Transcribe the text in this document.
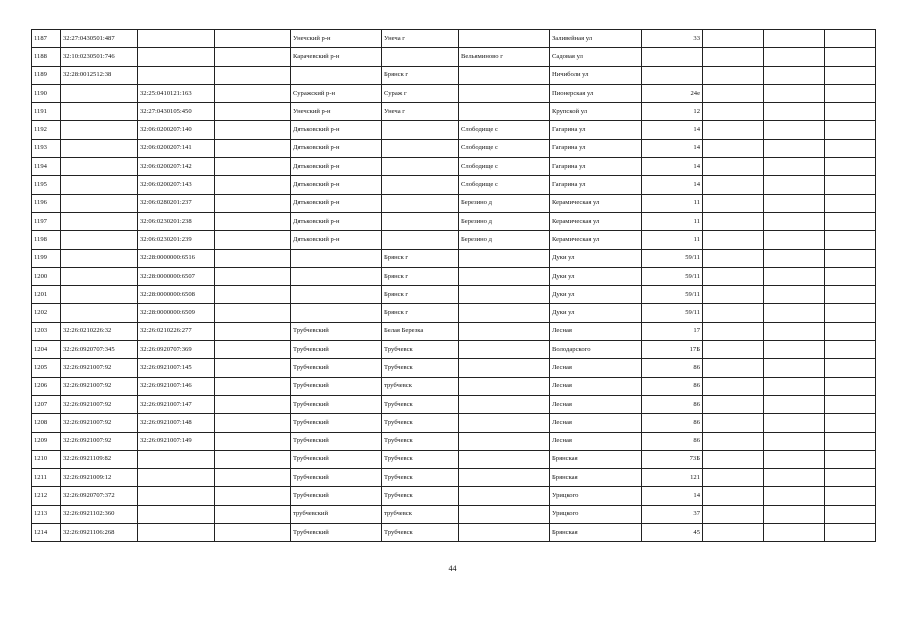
1187	32:27:0430501:487			Унечский р-н	Унеча г		Заливейная ул	33			
1188	32:10:0230501:746			Карачевский р-н		Вельяминово г	Садовая ул				
1189	32:28:0012512:38				Брянск г		Ничиболи ул				
1190		32:25:0410121:163		Суражский р-н	Сураж г		Пионерская ул	24е			
1191		32:27:0430105:450		Унечский р-н	Унеча г		Крупской ул	12			
1192		32:06:0200207:140		Дятьковский р-н		Слободище с	Гагарина ул	14			
1193		32:06:0200207:141		Дятьковский р-н		Слободище с	Гагарина ул	14			
1194		32:06:0200207:142		Дятьковский р-н		Слободище с	Гагарина ул	14			
1195		32:06:0200207:143		Дятьковский р-н		Слободище с	Гагарина ул	14			
1196		32:06:0280201:237		Дятьковский р-н		Березино д	Керамическая ул	11			
1197		32:06:0230201:238		Дятьковский р-н		Березино д	Керамическая ул	11			
1198		32:06:0230201:239		Дятьковский р-н		Березино д	Керамическая ул	11			
1199		32:28:0000000:6516			Брянск г		Дуки ул	59/11			
1200		32:28:0000000:6507			Брянск г		Дуки ул	59/11			
1201		32:28:0000000:6508			Брянск г		Дуки ул	59/11			
1202		32:28:0000000:6509			Брянск г		Дуки ул	59/11			
1203	32:26:0210226:32	32:26:0210226:277		Трубчевский	Белая Березка		Лесная	17			
1204	32:26:0920707:345	32:26:0920707:369		Трубчевский	Трубчевск		Володарского	17Б			
1205	32:26:0921007:92	32:26:0921007:145		Трубчевский	Трубчевск		Лесная	86			
1206	32:26:0921007:92	32:26:0921007:146		Трубчевский	трубчевск		Лесная	86			
1207	32:26:0921007:92	32:26:0921007:147		Трубчевский	Трубчевск		Лесная	86			
1208	32:26:0921007:92	32:26:0921007:148		Трубчевский	Трубчевск		Лесная	86			
1209	32:26:0921007:92	32:26:0921007:149		Трубчевский	Трубчевск		Лесная	86			
1210	32:26:0921109:82			Трубчевский	Трубчевск		Брянская	73Б			
1211	32:26:0921009:12			Трубчевский	Трубчевск		Брянская	121			
1212	32:26:0920707:372			Трубчевский	Трубчевск		Урицкого	14			
1213	32:26:0921102:360			трубчевский	трубчевск		Урицкого	37			
1214	32:26:0921106:268			Трубчевский	Трубчевск		Брянская	45			
44
